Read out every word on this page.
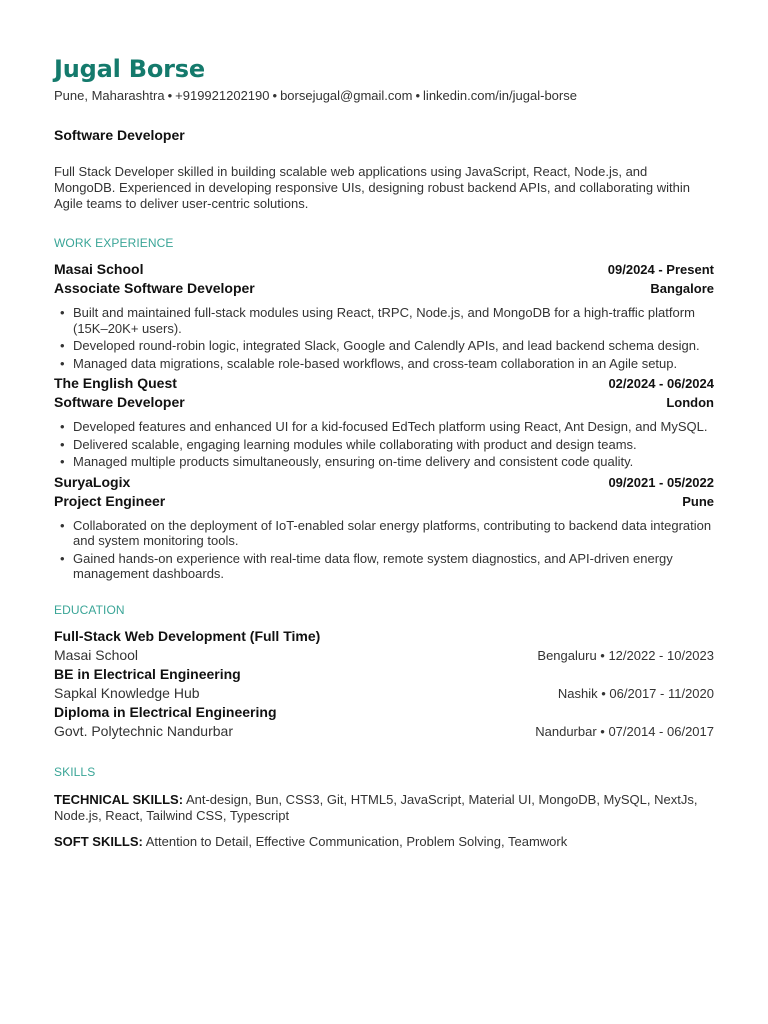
Jugal Borse
Pune, Maharashtra • +919921202190 • borsejugal@gmail.com • linkedin.com/in/jugal-borse
Software Developer
Full Stack Developer skilled in building scalable web applications using JavaScript, React, Node.js, and MongoDB. Experienced in developing responsive UIs, designing robust backend APIs, and collaborating within Agile teams to deliver user-centric solutions.
WORK EXPERIENCE
Masai School	09/2024 - Present
Associate Software Developer	Bangalore
• Built and maintained full-stack modules using React, tRPC, Node.js, and MongoDB for a high-traffic platform (15K–20K+ users).
• Developed round-robin logic, integrated Slack, Google and Calendly APIs, and lead backend schema design.
• Managed data migrations, scalable role-based workflows, and cross-team collaboration in an Agile setup.
The English Quest	02/2024 - 06/2024
Software Developer	London
• Developed features and enhanced UI for a kid-focused EdTech platform using React, Ant Design, and MySQL.
• Delivered scalable, engaging learning modules while collaborating with product and design teams.
• Managed multiple products simultaneously, ensuring on-time delivery and consistent code quality.
SuryaLogix	09/2021 - 05/2022
Project Engineer	Pune
• Collaborated on the deployment of IoT-enabled solar energy platforms, contributing to backend data integration and system monitoring tools.
• Gained hands-on experience with real-time data flow, remote system diagnostics, and API-driven energy management dashboards.
EDUCATION
Full-Stack Web Development (Full Time)
Masai School	Bengaluru • 12/2022 - 10/2023
BE in Electrical Engineering
Sapkal Knowledge Hub	Nashik • 06/2017 - 11/2020
Diploma in Electrical Engineering
Govt. Polytechnic Nandurbar	Nandurbar • 07/2014 - 06/2017
SKILLS
TECHNICAL SKILLS: Ant-design, Bun, CSS3, Git, HTML5, JavaScript, Material UI, MongoDB, MySQL, NextJs, Node.js, React, Tailwind CSS, Typescript
SOFT SKILLS: Attention to Detail, Effective Communication, Problem Solving, Teamwork
